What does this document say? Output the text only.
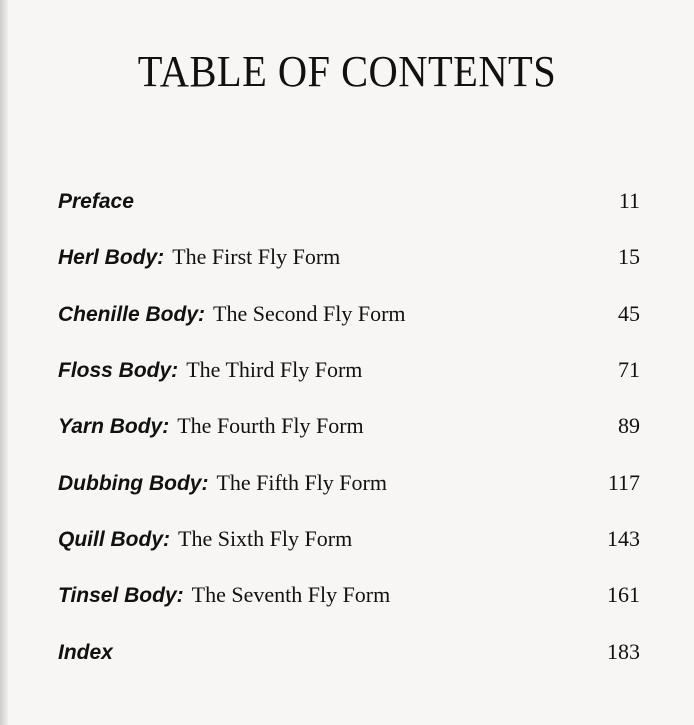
TABLE OF CONTENTS
Preface	11
Herl Body: The First Fly Form	15
Chenille Body: The Second Fly Form	45
Floss Body: The Third Fly Form	71
Yarn Body: The Fourth Fly Form	89
Dubbing Body: The Fifth Fly Form	117
Quill Body: The Sixth Fly Form	143
Tinsel Body: The Seventh Fly Form	161
Index	183
